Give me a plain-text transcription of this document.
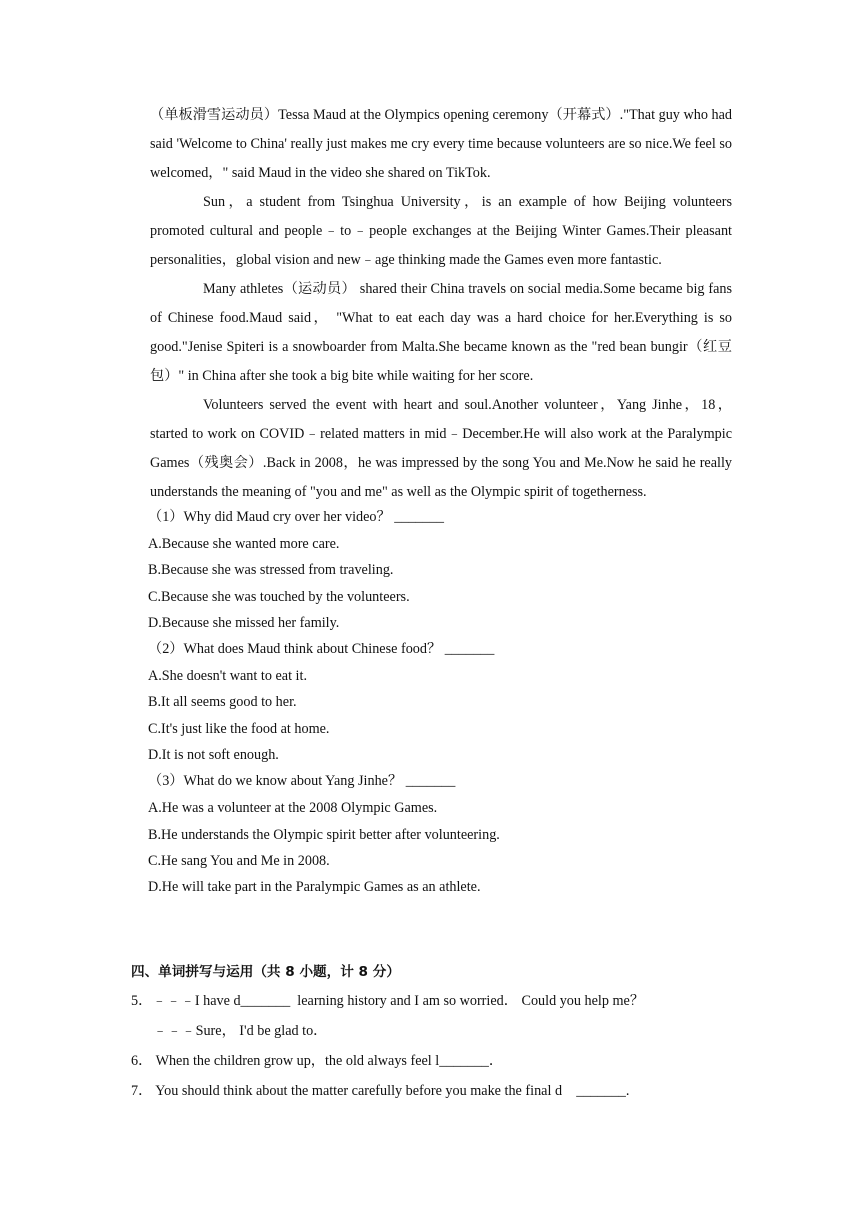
（单板滑雪运动员）Tessa Maud at the Olympics opening ceremony（开幕式）."That guy who had said 'Welcome to China' really just makes me cry every time because volunteers are so nice.We feel so welcomed，" said Maud in the video she shared on TikTok.

Sun，a student from Tsinghua University，is an example of how Beijing volunteers promoted cultural and people﹣to﹣people exchanges at the Beijing Winter Games.Their pleasant personalities，global vision and new﹣age thinking made the Games even more fantastic.

Many athletes（运动员） shared their China travels on social media.Some became big fans of Chinese food.Maud said， "What to eat each day was a hard choice for her.Everything is so good."Jenise Spiteri is a snowboarder from Malta.She became known as the "red bean bungir（红豆包）" in China after she took a big bite while waiting for her score.

Volunteers served the event with heart and soul.Another volunteer，Yang Jinhe，18，started to work on COVID﹣related matters in mid﹣December.He will also work at the Paralympic Games（残奥会）.Back in 2008，he was impressed by the song You and Me.Now he said he really understands the meaning of "you and me" as well as the Olympic spirit of togetherness.

（1）Why did Maud cry over her video？ _______

A.Because she wanted more care.

B.Because she was stressed from traveling.

C.Because she was touched by the volunteers.

D.Because she missed her family.

（2）What does Maud think about Chinese food？ _______

A.She doesn't want to eat it.

B.It all seems good to her.

C.It's just like the food at home.

D.It is not soft enough.

（3）What do we know about Yang Jinhe？ _______

A.He was a volunteer at the 2008 Olympic Games.

B.He understands the Olympic spirit better after volunteering.

C.He sang You and Me in 2008.

D.He will take part in the Paralympic Games as an athlete.

四、单词拼写与运用（共 8 小题，计 8 分）

5．﹣﹣﹣I have d_______  learning history and I am so worried． Could you help me？

﹣﹣﹣Sure， I'd be glad to．

6． When the children grow up，the old always feel l_______．

7． You should think about the matter carefully before you make the final d    _______.
